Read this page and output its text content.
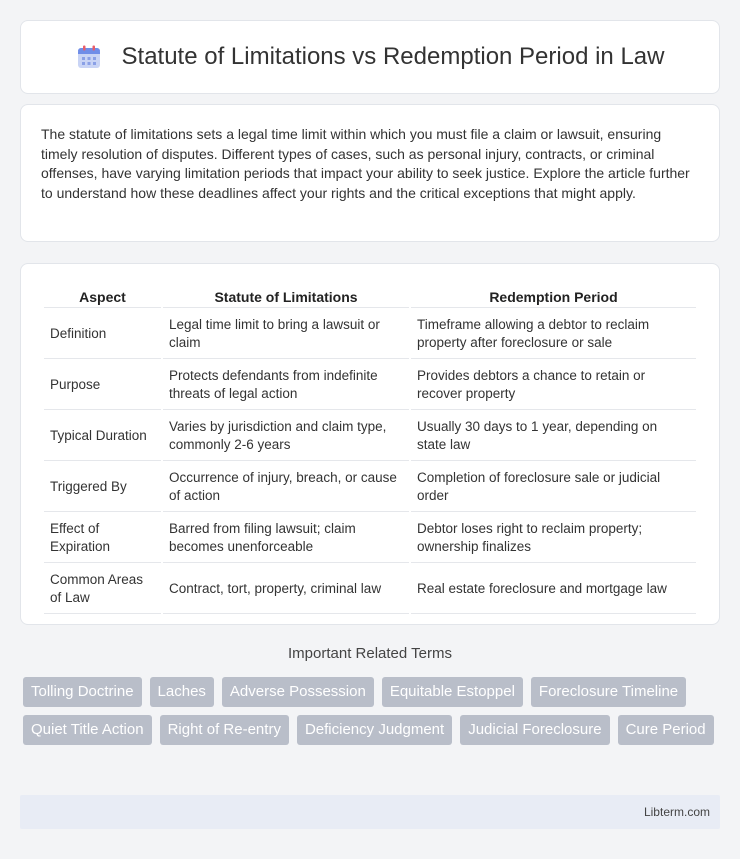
Statute of Limitations vs Redemption Period in Law

The statute of limitations sets a legal time limit within which you must file a claim or lawsuit, ensuring timely resolution of disputes. Different types of cases, such as personal injury, contracts, or criminal offenses, have varying limitation periods that impact your ability to seek justice. Explore the article further to understand how these deadlines affect your rights and the critical exceptions that might apply.

Aspect	Statute of Limitations	Redemption Period
Definition	Legal time limit to bring a lawsuit or claim	Timeframe allowing a debtor to reclaim property after foreclosure or sale
Purpose	Protects defendants from indefinite threats of legal action	Provides debtors a chance to retain or recover property
Typical Duration	Varies by jurisdiction and claim type, commonly 2-6 years	Usually 30 days to 1 year, depending on state law
Triggered By	Occurrence of injury, breach, or cause of action	Completion of foreclosure sale or judicial order
Effect of Expiration	Barred from filing lawsuit; claim becomes unenforceable	Debtor loses right to reclaim property; ownership finalizes
Common Areas of Law	Contract, tort, property, criminal law	Real estate foreclosure and mortgage law
Important Related Terms
Tolling Doctrine	Laches	Adverse Possession	Equitable Estoppel	Foreclosure Timeline
Quiet Title Action	Right of Re-entry	Deficiency Judgment	Judicial Foreclosure	Cure Period
Libterm.com
